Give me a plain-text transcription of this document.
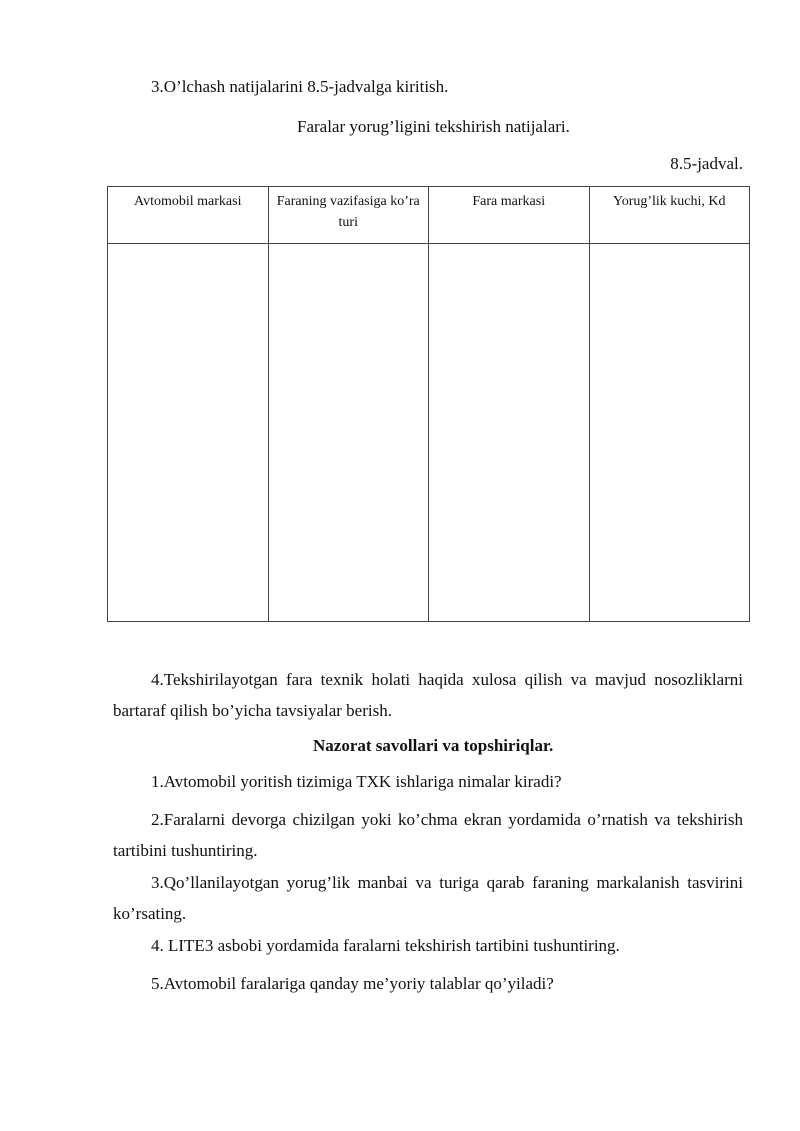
3.O’lchash natijalarini 8.5-jadvalga kiritish.
Faralar yorug’ligini tekshirish natijalari.
8.5-jadval.
Avtomobil markasi	Faraning vazifasiga ko’ra turi	Fara markasi	Yorug’lik kuchi, Kd

4.Tekshirilayotgan fara texnik holati haqida xulosa qilish va mavjud nosozliklarni bartaraf qilish bo’yicha tavsiyalar berish.
Nazorat savollari va topshiriqlar.
1.Avtomobil yoritish tizimiga TXK ishlariga nimalar kiradi?
2.Faralarni devorga chizilgan yoki ko’chma ekran yordamida o’rnatish va tekshirish tartibini tushuntiring.
3.Qo’llanilayotgan yorug’lik manbai va turiga qarab faraning markalanish tasvirini ko’rsating.
4. LITE3 asbobi yordamida faralarni tekshirish tartibini tushuntiring.
5.Avtomobil faralariga qanday me’yoriy talablar qo’yiladi?
